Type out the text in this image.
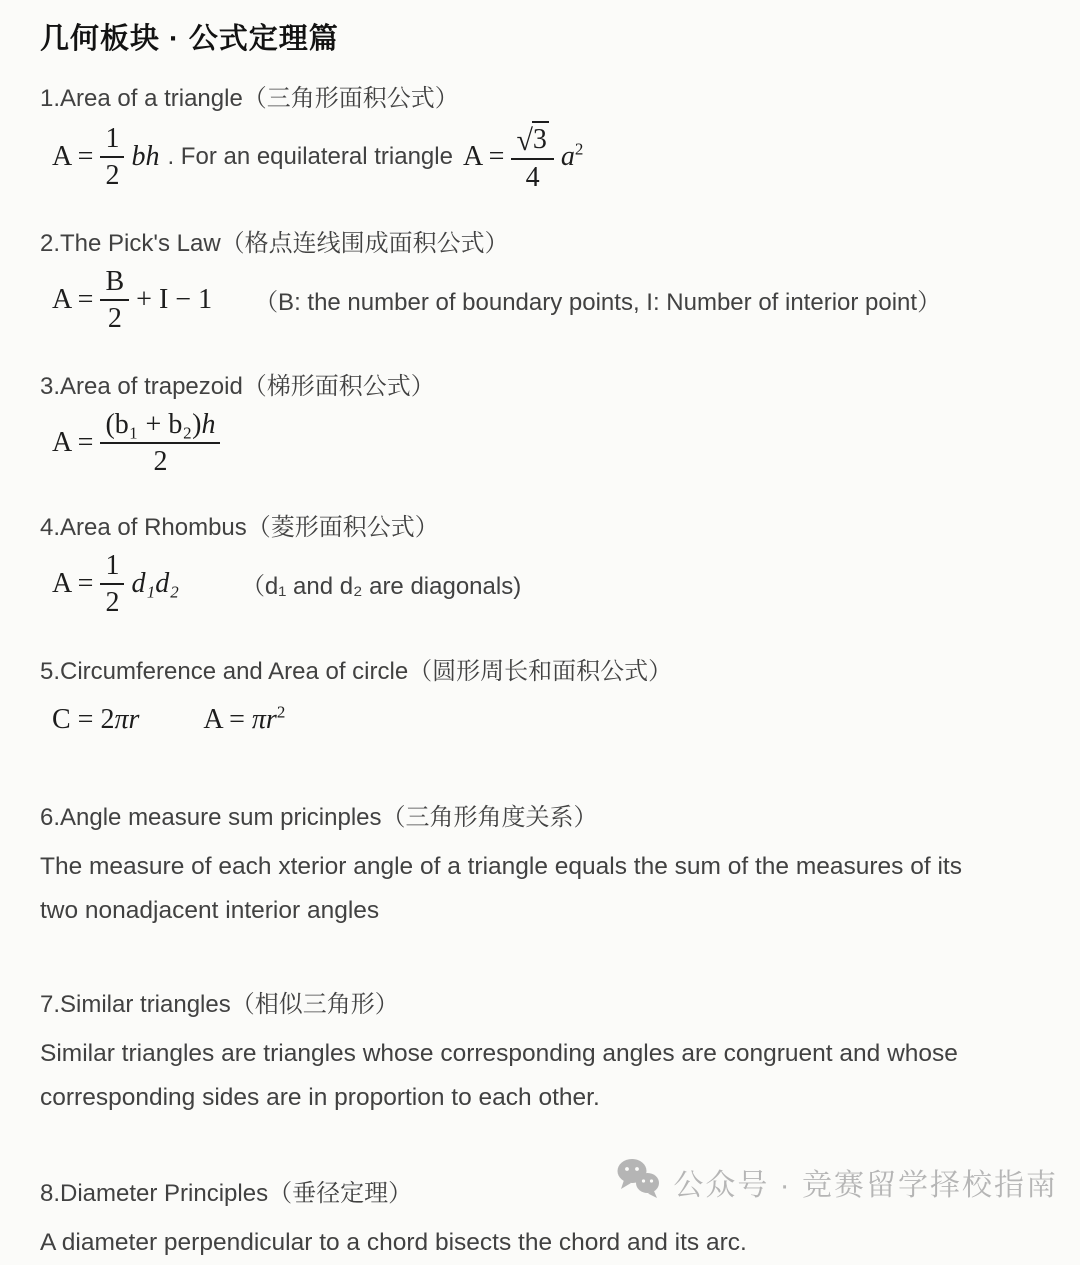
几何板块 · 公式定理篇
1.Area of a triangle（三角形面积公式）
$A = \frac{1}{2}$ bh . For an equilateral triangle $A = \frac{√ 3}{4} a^2$
2.The Pick's Law（格点连线围成面积公式）
$A = \frac{B}{2} + I - 1$ （B: the number of boundary points, I: Number of interior point）
3.Area of trapezoid（梯形面积公式）
$A = \frac{\text{(b₁ + b₂) h}}{2}$
4.Area of Rhombus（菱形面积公式）
$A = \frac{1}{2} d_1d_2$	（d₁ and d₂ are diagonals)
5.Circumference and Area of circle（圆形周长和面积公式）
C = 2πr $A = \pi r^2$
6.Angle measure sum pricinples（三角形角度关系）

The measure of each xterior angle of a triangle equals the sum of the measures of its two nonadjacent interior angles

7.Similar triangles（相似三角形）

Similar triangles are triangles whose corresponding angles are congruent and whose corresponding sides are in proportion to each other.

8.Diameter Principles（垂径定理）

A diameter perpendicular to a chord bisects the chord and its arc.

公众号 · 竞赛留学择校指南
